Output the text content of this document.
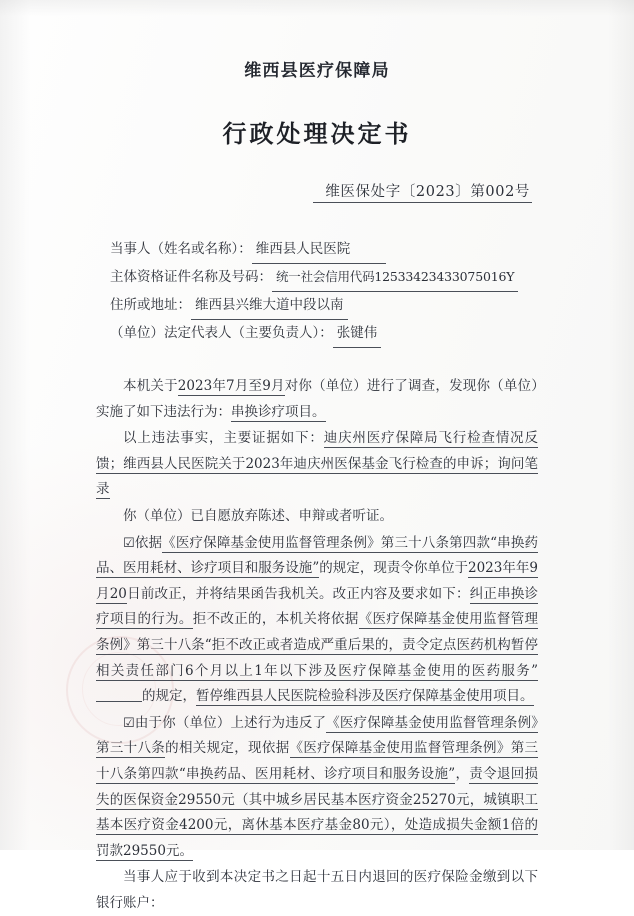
维西县医疗保障局
行政处理决定书
维医保处字〔2023〕第002号
当事人（姓名或名称）： 维西县人民医院
主体资格证件名称及号码： 统一社会信用代码12533423433075016Y
住所或地址： 维西县兴维大道中段以南
（单位）法定代表人（主要负责人）： 张键伟

本机关于2023年7月至9月对你（单位）进行了调查，发现你（单位）实施了如下违法行为：串换诊疗项目。

以上违法事实，主要证据如下：迪庆州医疗保障局飞行检查情况反馈；维西县人民医院关于2023年迪庆州医保基金飞行检查的申诉；询问笔录

你（单位）已自愿放弃陈述、申辩或者听证。

☑依据《医疗保障基金使用监督管理条例》第三十八条第四款“串换药品、医用耗材、诊疗项目和服务设施”的规定，现责令你单位于2023年年9月20日前改正，并将结果函告我机关。改正内容及要求如下：纠正串换诊疗项目的行为。拒不改正的，本机关将依据《医疗保障基金使用监督管理条例》第三十八条“拒不改正或者造成严重后果的，责令定点医药机构暂停相关责任部门6个月以上1年以下涉及医疗保障基金使用的医药服务”的规定，暂停维西县人民医院检验科涉及医疗保障基金使用项目。

☑由于你（单位）上述行为违反了《医疗保障基金使用监督管理条例》第三十八条的相关规定，现依据《医疗保障基金使用监督管理条例》第三十八条第四款“串换药品、医用耗材、诊疗项目和服务设施”，责令退回损失的医保资金29550元（其中城乡居民基本医疗资金25270元，城镇职工基本医疗资金4200元，离休基本医疗基金80元），处造成损失金额1倍的罚款29550元。

当事人应于收到本决定书之日起十五日内退回的医疗保险金缴到以下银行账户：
